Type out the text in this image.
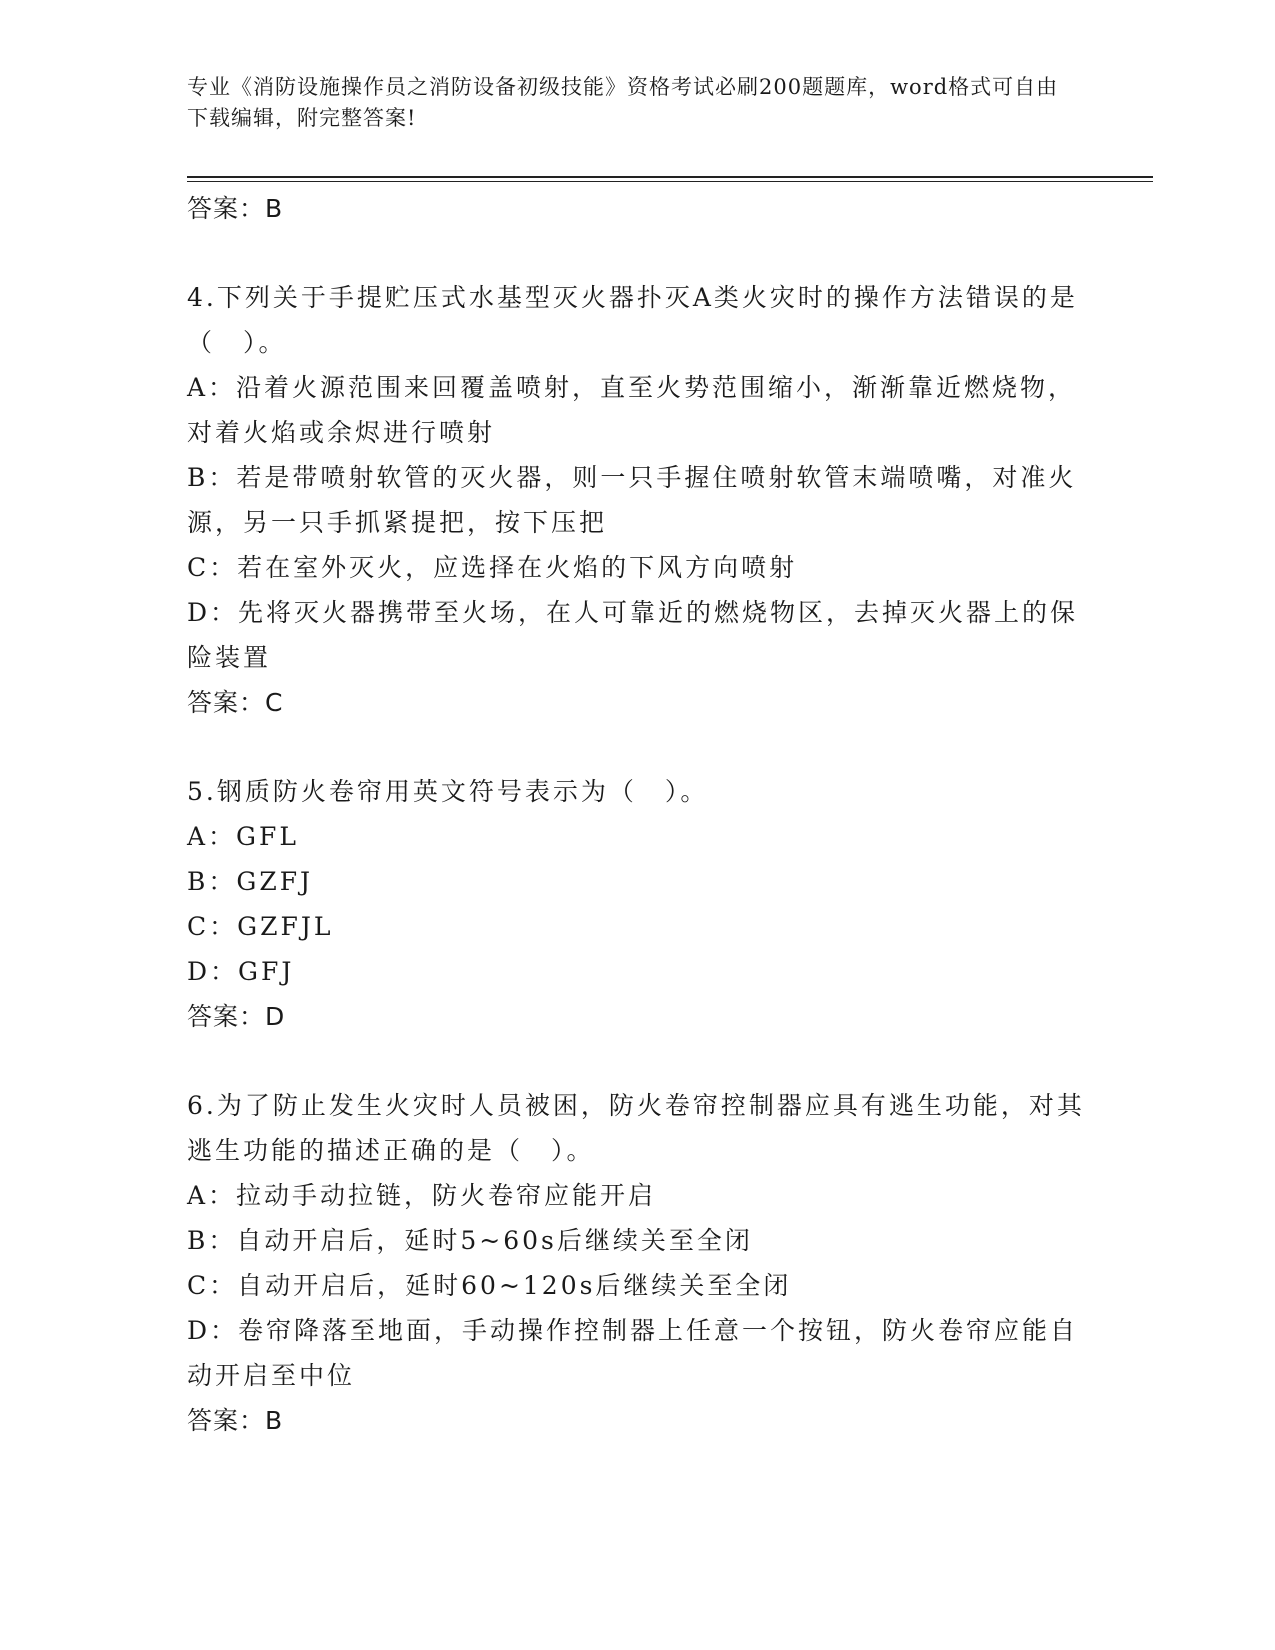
专业《消防设施操作员之消防设备初级技能》资格考试必刷200题题库，word格式可自由下载编辑，附完整答案!

答案：B

4.下列关于手提贮压式水基型灭火器扑灭A类火灾时的操作方法错误的是（　）。

A：沿着火源范围来回覆盖喷射，直至火势范围缩小，渐渐靠近燃烧物，对着火焰或余烬进行喷射

B：若是带喷射软管的灭火器，则一只手握住喷射软管末端喷嘴，对准火源，另一只手抓紧提把，按下压把

C：若在室外灭火，应选择在火焰的下风方向喷射

D：先将灭火器携带至火场，在人可靠近的燃烧物区，去掉灭火器上的保险装置

答案：C

5.钢质防火卷帘用英文符号表示为（　）。

A：GFL

B：GZFJ

C：GZFJL

D：GFJ

答案：D

6.为了防止发生火灾时人员被困，防火卷帘控制器应具有逃生功能，对其逃生功能的描述正确的是（　）。

A：拉动手动拉链，防火卷帘应能开启

B：自动开启后，延时5~60s后继续关至全闭

C：自动开启后，延时60~120s后继续关至全闭

D：卷帘降落至地面，手动操作控制器上任意一个按钮，防火卷帘应能自动开启至中位

答案：B
